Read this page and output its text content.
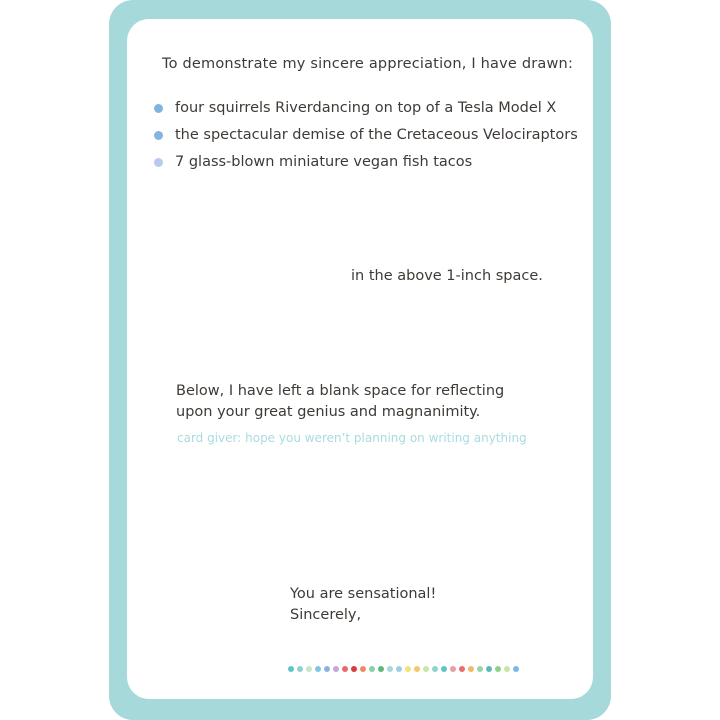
To demonstrate my sincere appreciation, I have drawn:
four squirrels Riverdancing on top of a Tesla Model X
the spectacular demise of the Cretaceous Velociraptors
7 glass-blown miniature vegan fish tacos
in the above 1-inch space.
Below, I have left a blank space for reflecting
upon your great genius and magnanimity.
card giver: hope you weren’t planning on writing anything
You are sensational!
Sincerely,
